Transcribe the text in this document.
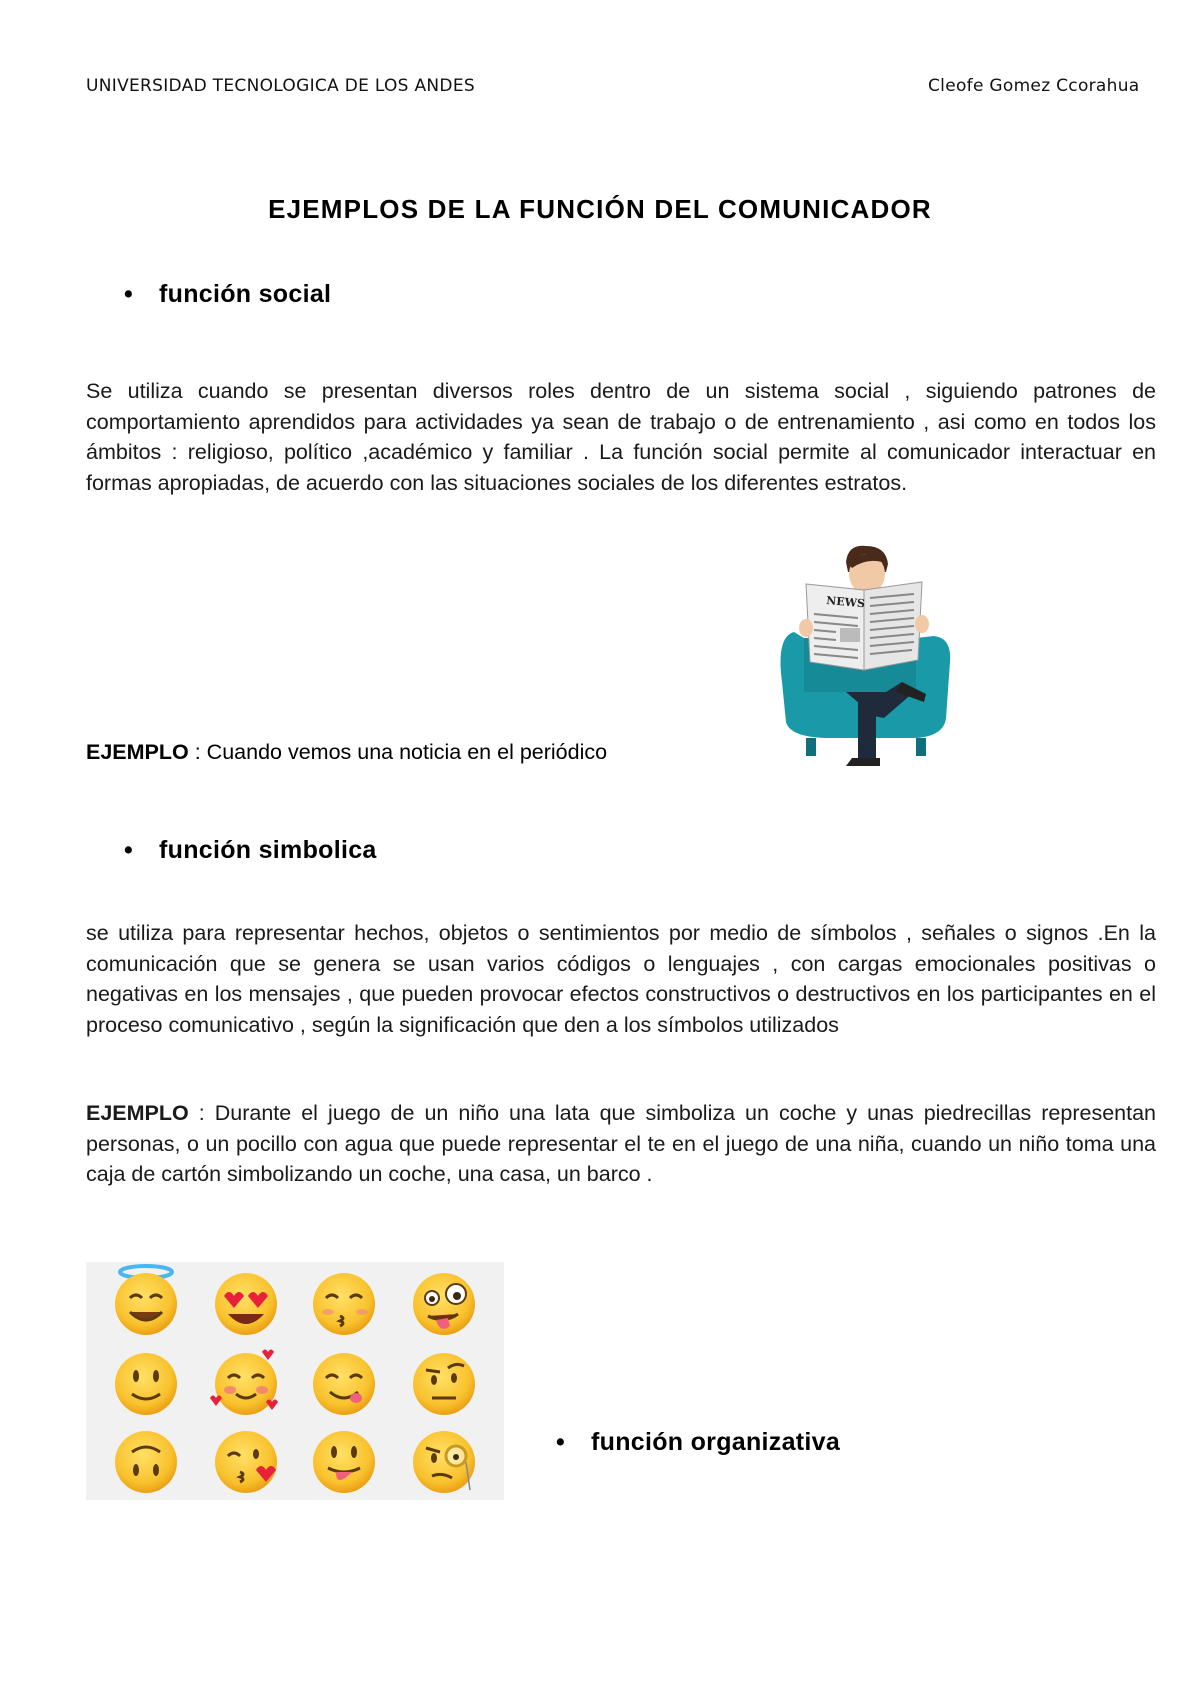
UNIVERSIDAD TECNOLOGICA DE LOS ANDES	Cleofe Gomez Ccorahua
EJEMPLOS DE LA FUNCIÓN DEL COMUNICADOR
• función social

Se utiliza cuando se presentan diversos roles dentro de un sistema social , siguiendo patrones de comportamiento aprendidos para actividades ya sean de trabajo o de entrenamiento , asi como en todos los ámbitos : religioso, político ,académico y familiar . La función social permite al comunicador interactuar en formas apropiadas, de acuerdo con las situaciones sociales de los diferentes estratos.

EJEMPLO : Cuando vemos una noticia en el periódico
NEWS
• función simbolica

se utiliza para representar hechos, objetos o sentimientos por medio de símbolos , señales o signos .En la comunicación que se genera se usan varios códigos o lenguajes , con cargas emocionales positivas o negativas en los mensajes , que pueden provocar efectos constructivos o destructivos en los participantes en el proceso comunicativo , según la significación que den a los símbolos utilizados

EJEMPLO : Durante el juego de un niño una lata que simboliza un coche y unas piedrecillas representan personas, o un pocillo con agua que puede representar el te en el juego de una niña, cuando un niño toma una caja de cartón simbolizando un coche, una casa, un barco .

• función organizativa
